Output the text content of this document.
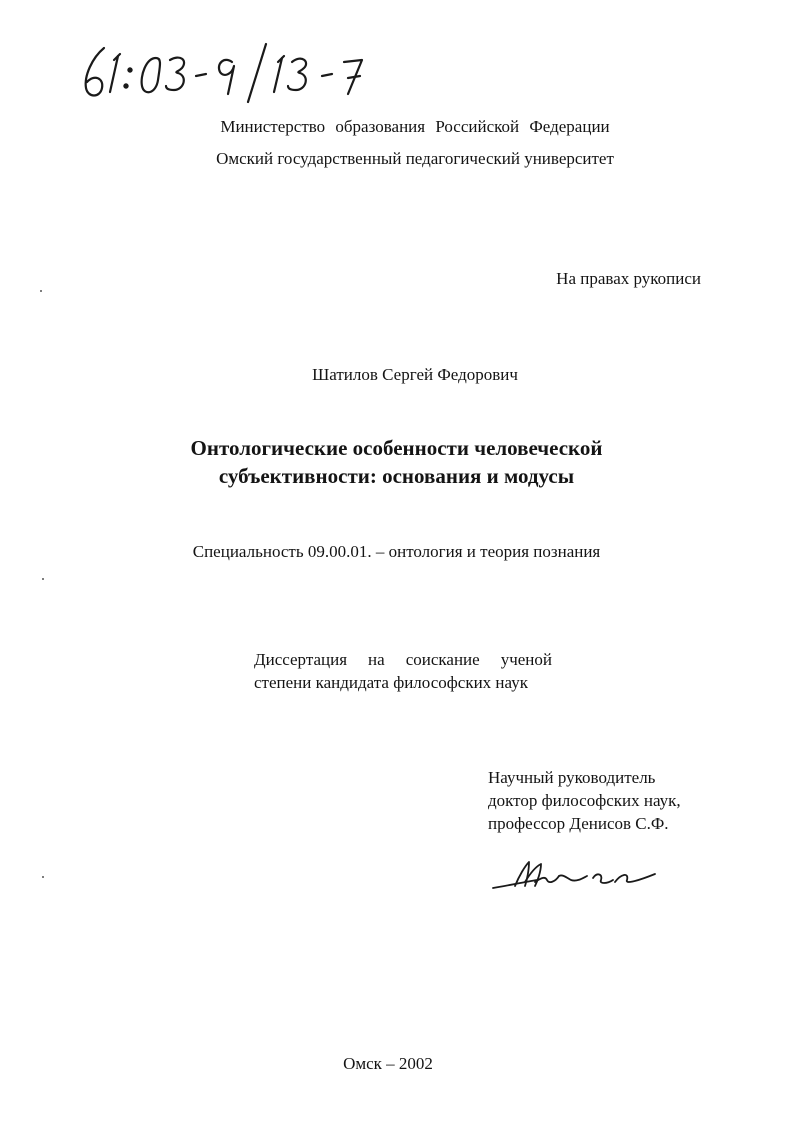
Министерство образования Российской Федерации
Омский государственный педагогический университет
На правах рукописи
Шатилов Сергей Федорович
Онтологические особенности человеческой
субъективности: основания и модусы
Специальность 09.00.01. – онтология и теория познания
Диссертация на соискание ученой
степени кандидата философских наук
Научный руководитель
доктор философских наук,
профессор Денисов С.Ф.
Омск – 2002
